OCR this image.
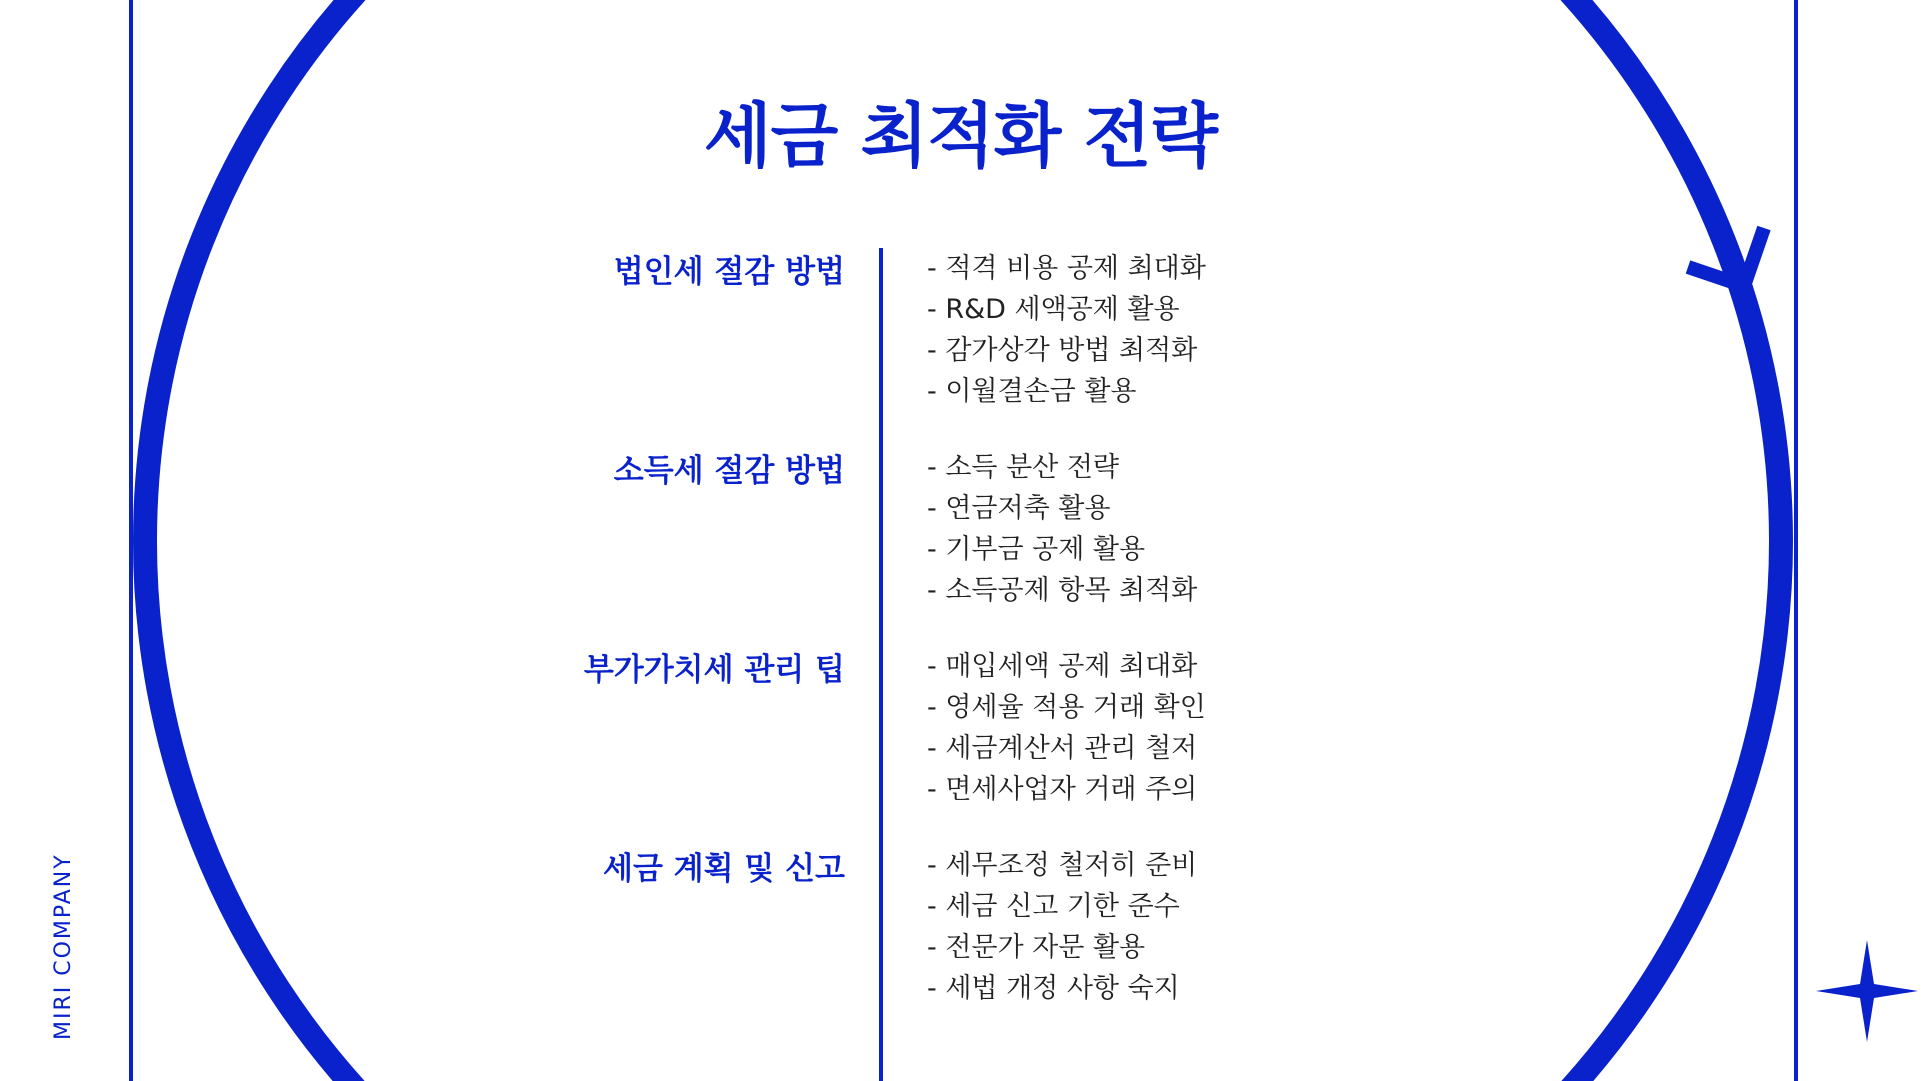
MIRI COMPANY
세금 최적화 전략
법인세 절감 방법	- 적격 비용 공제 최대화
- R&D 세액공제 활용
- 감가상각 방법 최적화
- 이월결손금 활용
소득세 절감 방법	- 소득 분산 전략
- 연금저축 활용
- 기부금 공제 활용
- 소득공제 항목 최적화
부가가치세 관리 팁	- 매입세액 공제 최대화
- 영세율 적용 거래 확인
- 세금계산서 관리 철저
- 면세사업자 거래 주의
세금 계획 및 신고	- 세무조정 철저히 준비
- 세금 신고 기한 준수
- 전문가 자문 활용
- 세법 개정 사항 숙지
